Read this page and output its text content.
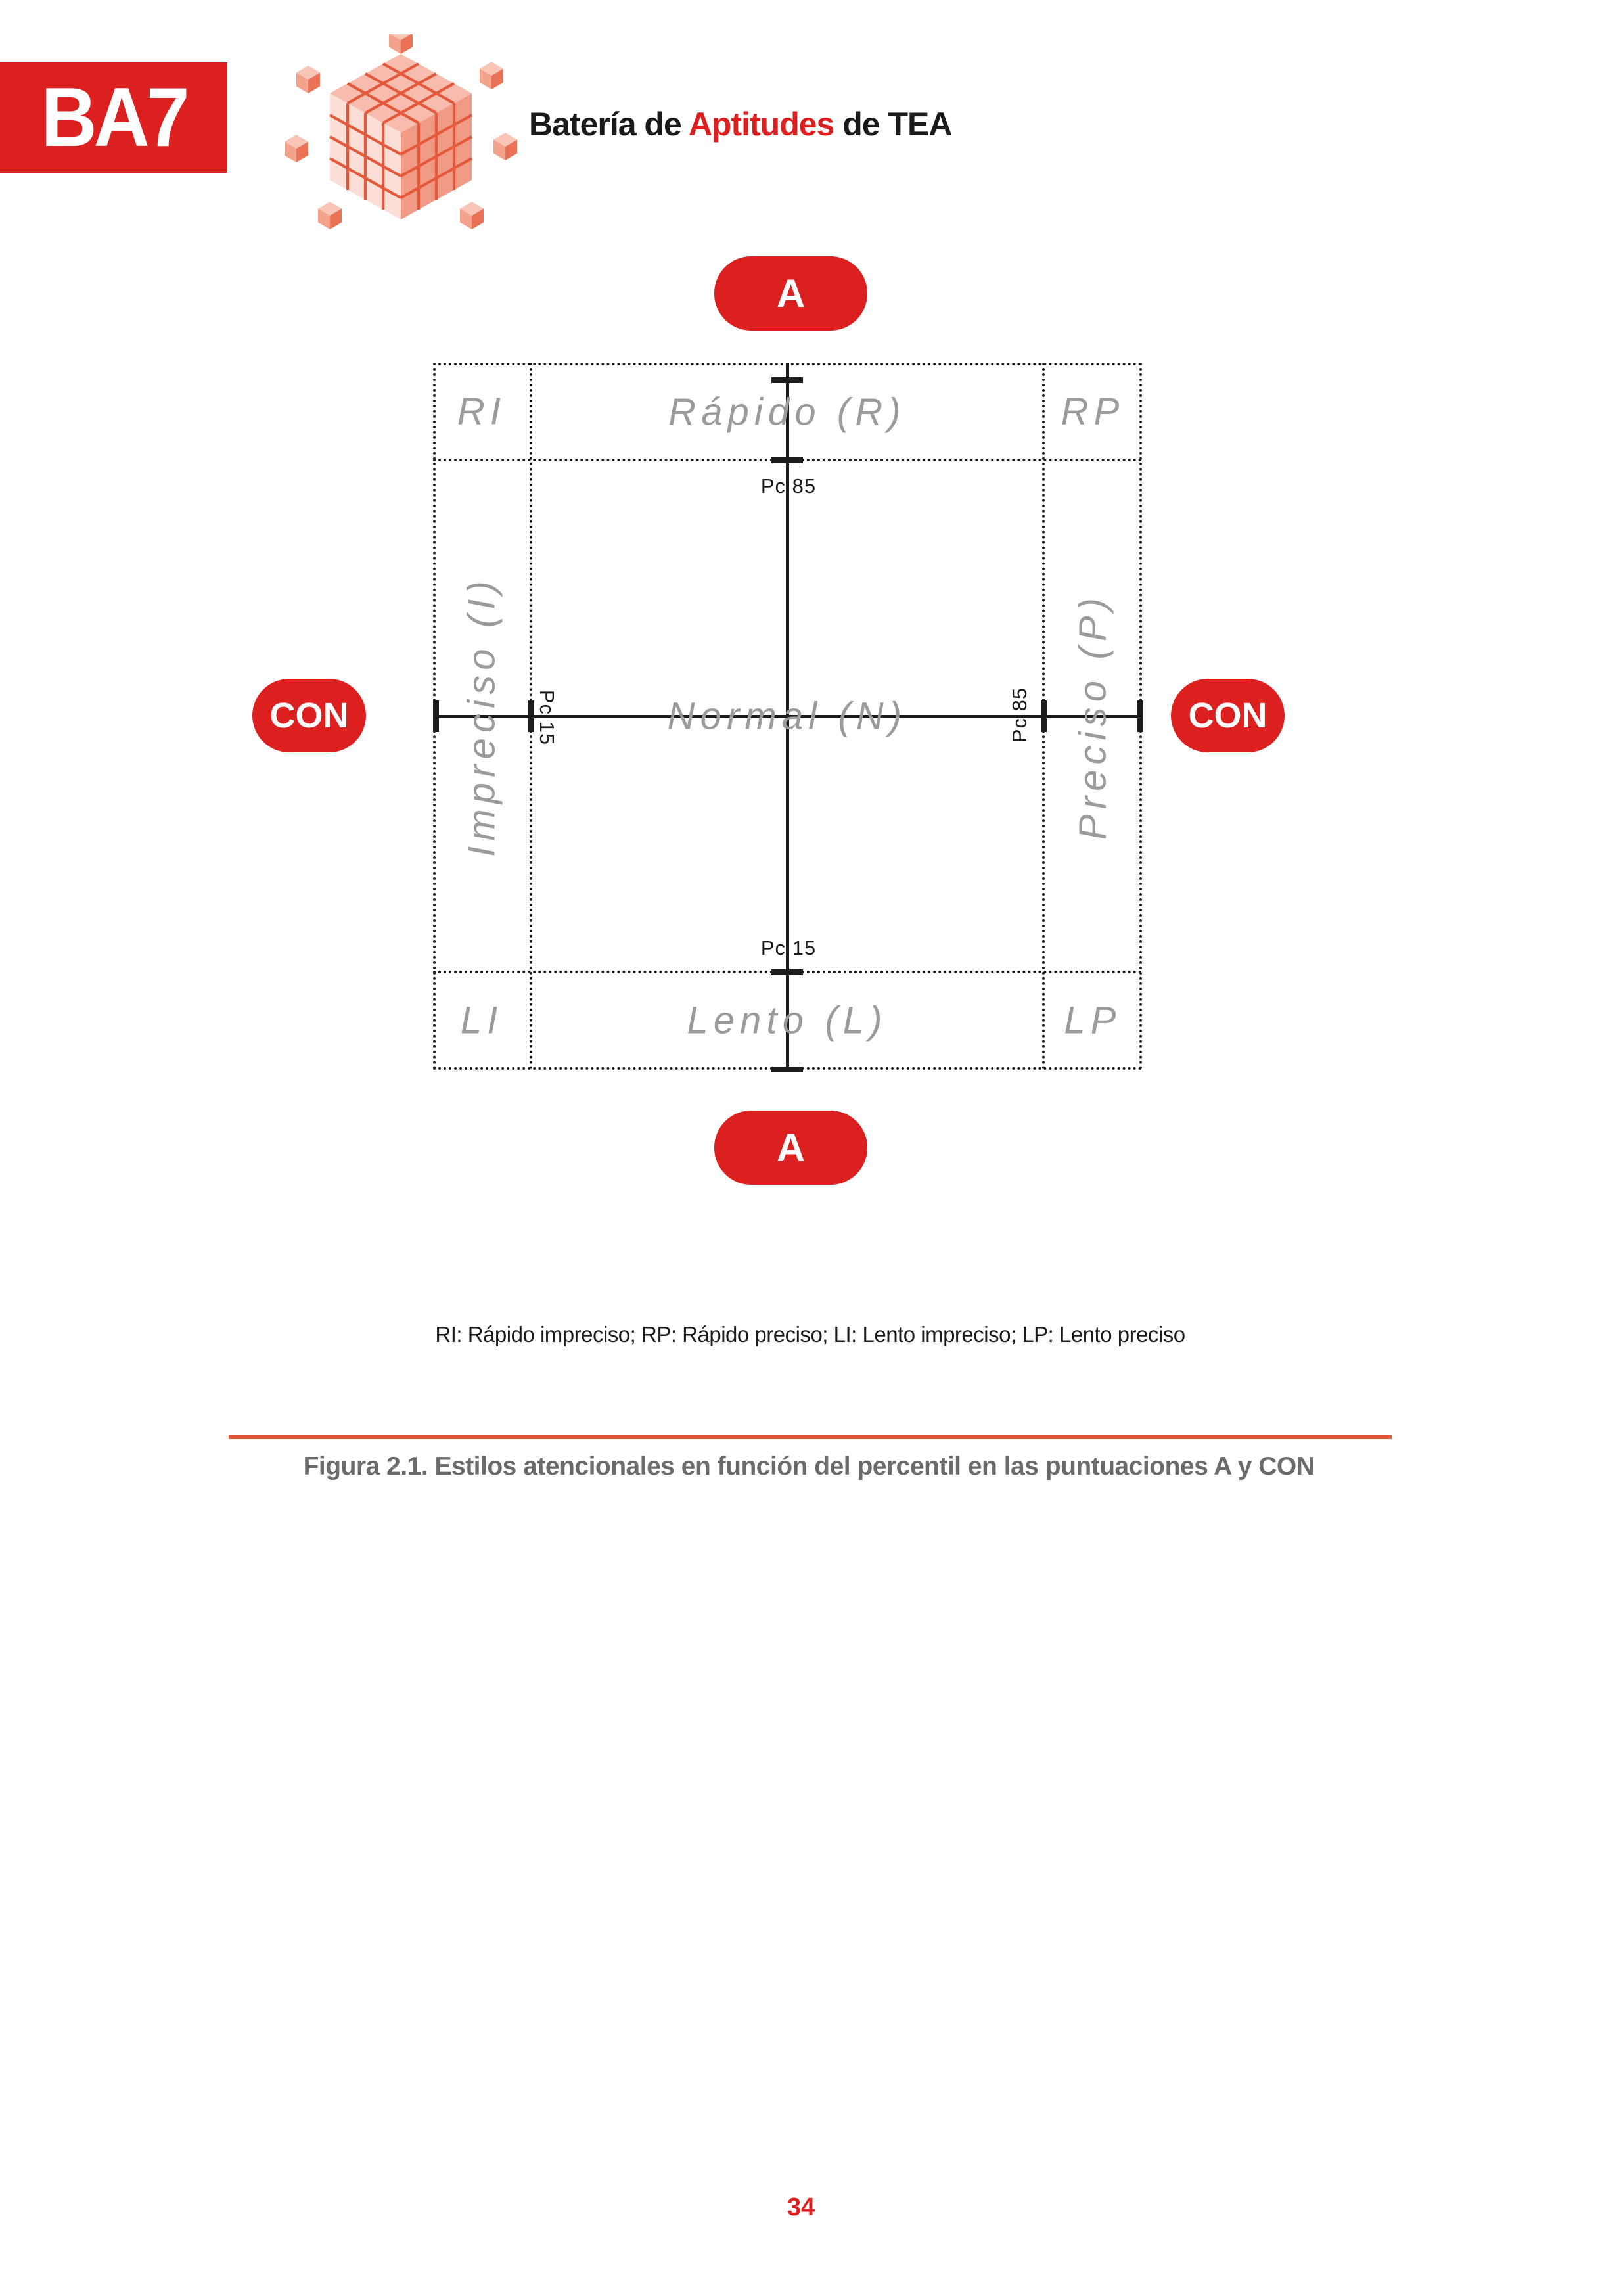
BA7	Batería de Aptitudes de TEA
A
A
CON	CON
RI	Rápido (R)	RP
Impreciso (I)	Normal (N)	Preciso (P)
LI	Lento (L)	LP
Pc 85
Pc 15
Pc 15	Pc 85
RI: Rápido impreciso; RP: Rápido preciso; LI: Lento impreciso; LP: Lento preciso
Figura 2.1. Estilos atencionales en función del percentil en las puntuaciones A y CON
34
